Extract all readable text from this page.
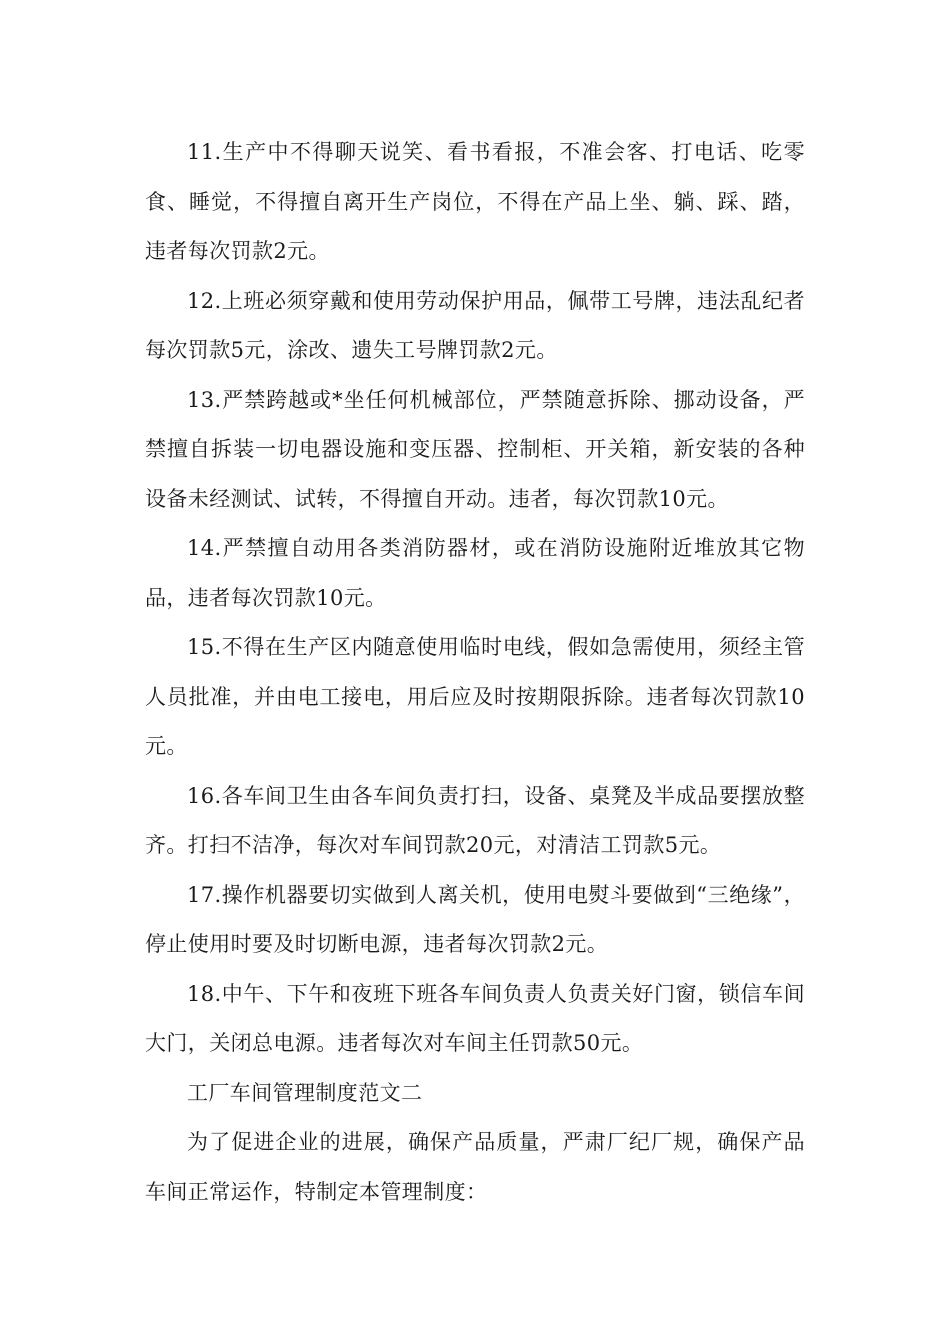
11.生产中不得聊天说笑、看书看报，不准会客、打电话、吃零食、睡觉，不得擅自离开生产岗位，不得在产品上坐、躺、踩、踏，违者每次罚款2元。

12.上班必须穿戴和使用劳动保护用品，佩带工号牌，违法乱纪者每次罚款5元，涂改、遗失工号牌罚款2元。

13.严禁跨越或*坐任何机械部位，严禁随意拆除、挪动设备，严禁擅自拆装一切电器设施和变压器、控制柜、开关箱，新安装的各种设备未经测试、试转，不得擅自开动。违者，每次罚款10元。

14.严禁擅自动用各类消防器材，或在消防设施附近堆放其它物品，违者每次罚款10元。

15.不得在生产区内随意使用临时电线，假如急需使用，须经主管人员批准，并由电工接电，用后应及时按期限拆除。违者每次罚款10元。

16.各车间卫生由各车间负责打扫，设备、桌凳及半成品要摆放整齐。打扫不洁净，每次对车间罚款20元，对清洁工罚款5元。

17.操作机器要切实做到人离关机，使用电熨斗要做到“三绝缘”，停止使用时要及时切断电源，违者每次罚款2元。

18.中午、下午和夜班下班各车间负责人负责关好门窗，锁信车间大门，关闭总电源。违者每次对车间主任罚款50元。

工厂车间管理制度范文二

为了促进企业的进展，确保产品质量，严肃厂纪厂规，确保产品车间正常运作，特制定本管理制度：
